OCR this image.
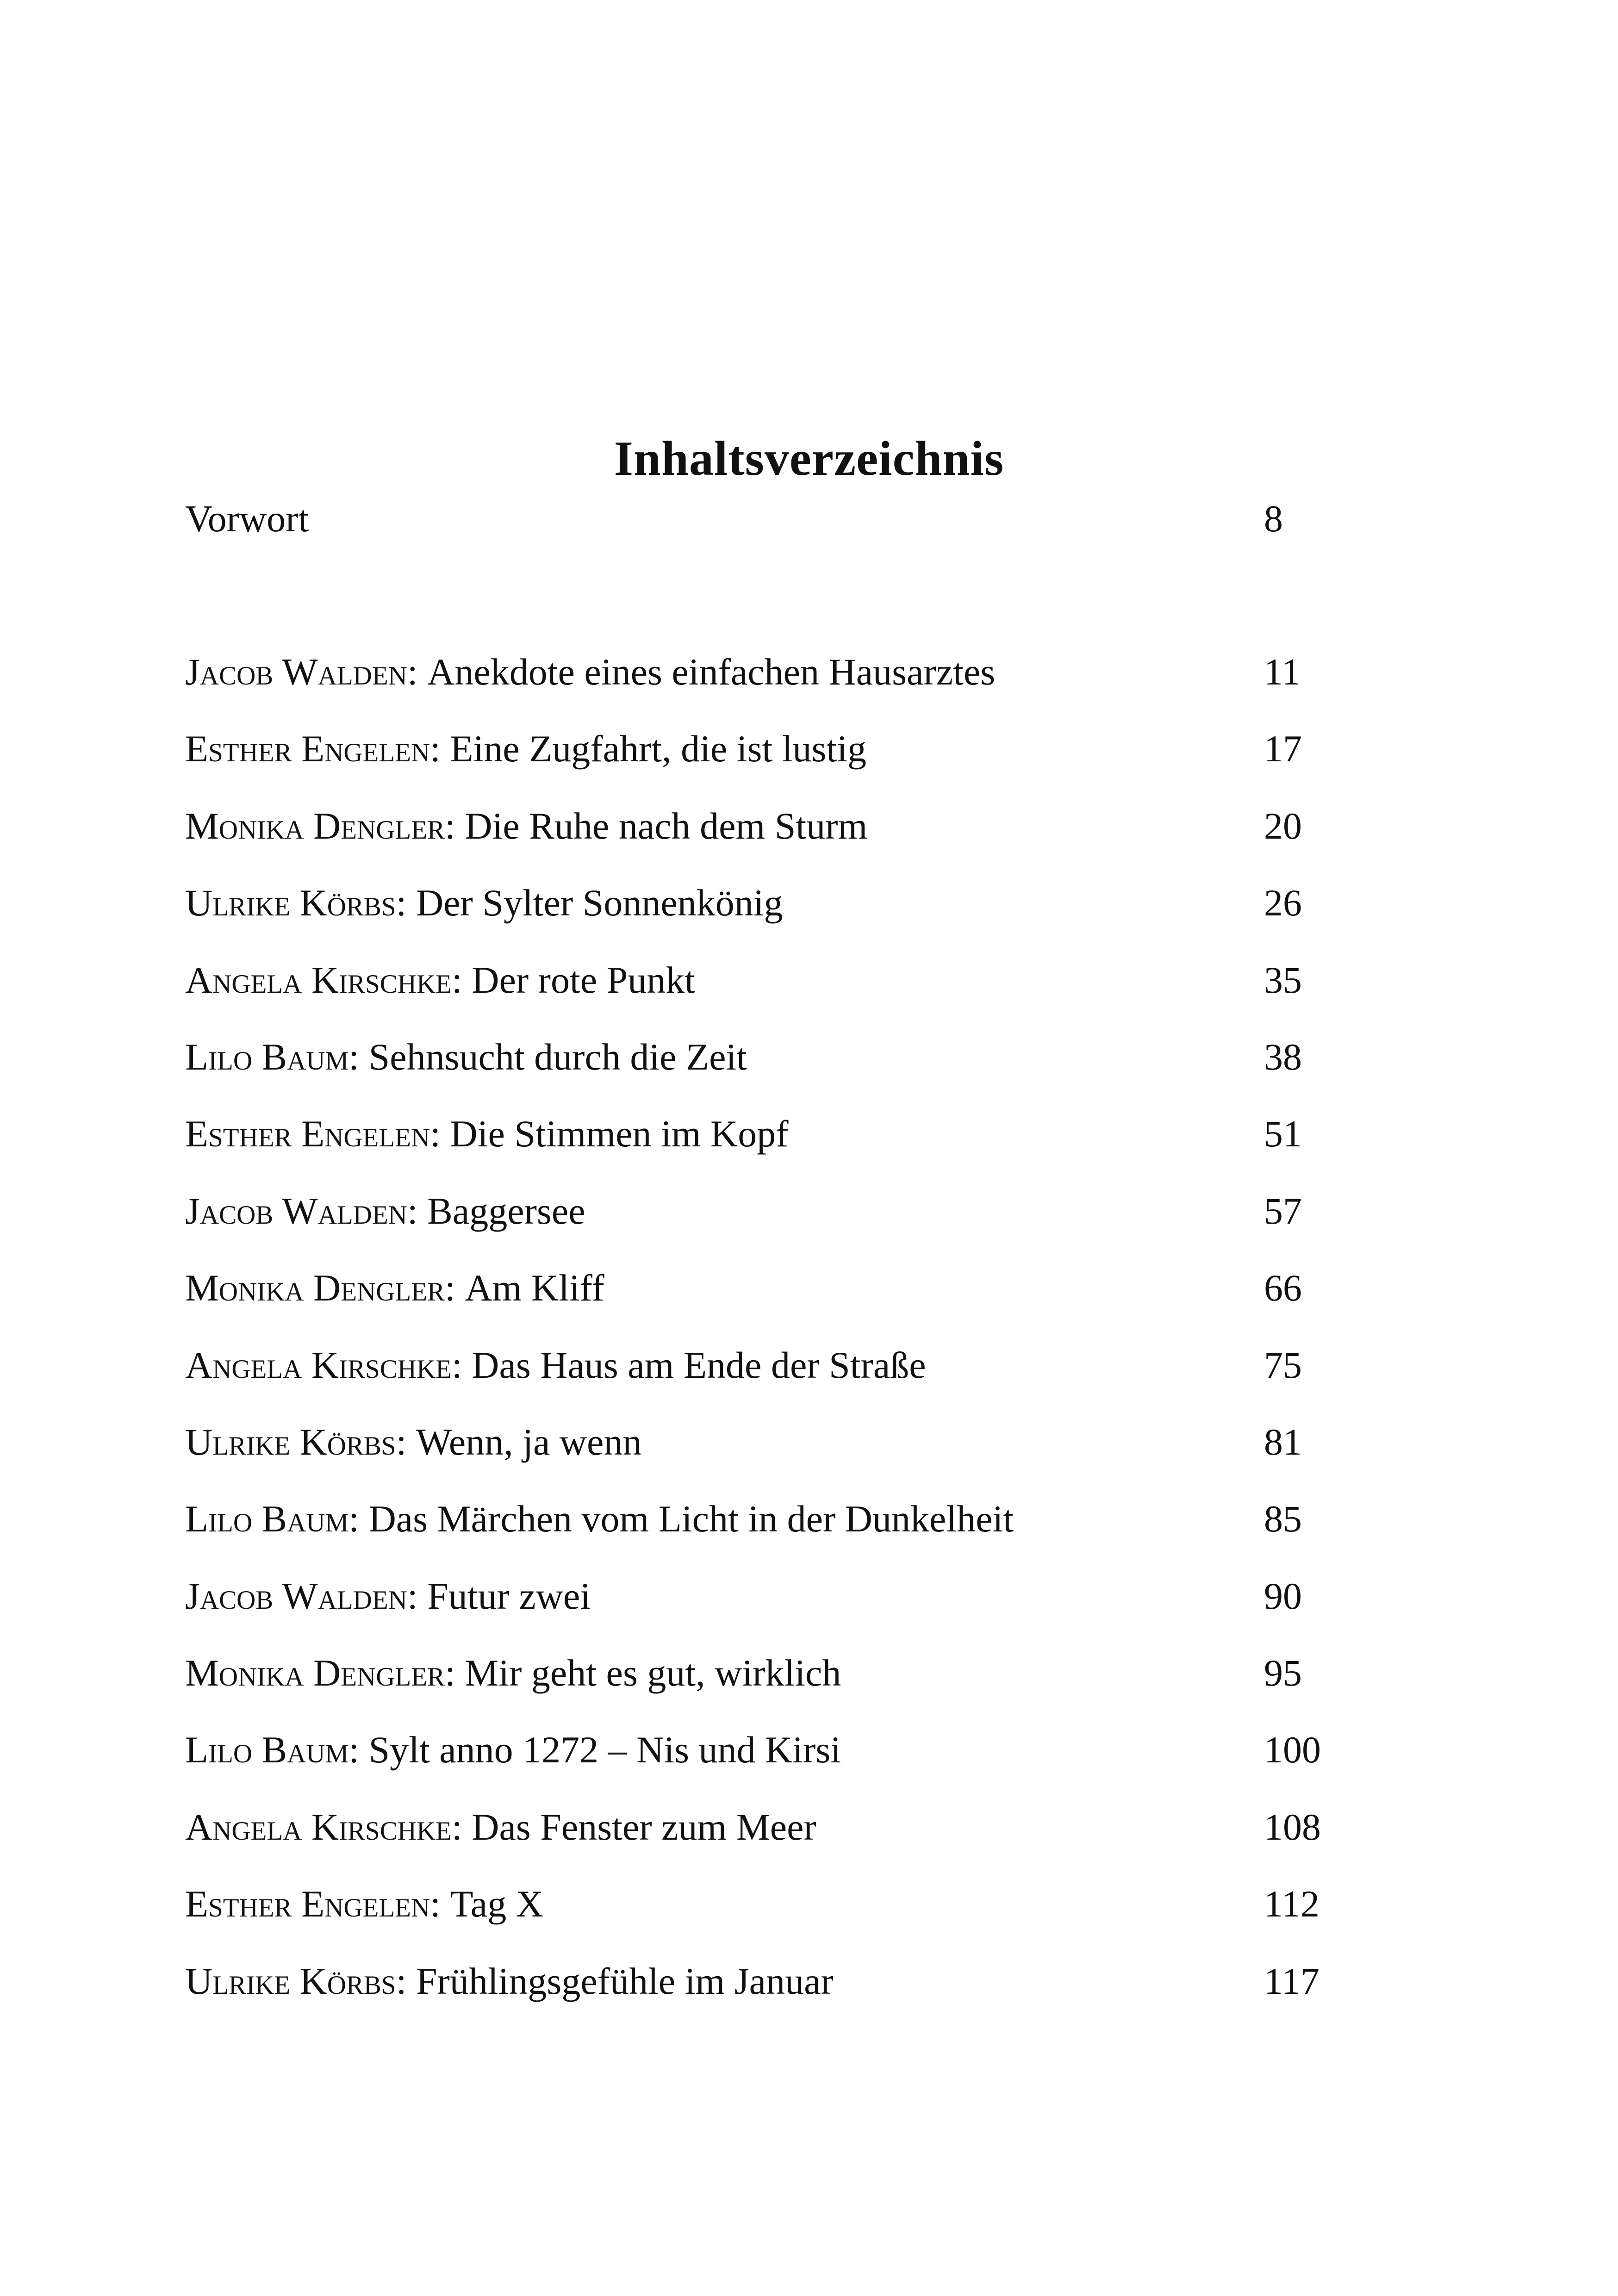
Inhaltsverzeichnis
Vorwort	8
Jacob Walden: Anekdote eines einfachen Hausarztes	11
Esther Engelen: Eine Zugfahrt, die ist lustig	17
Monika Dengler: Die Ruhe nach dem Sturm	20
Ulrike Körbs: Der Sylter Sonnenkönig	26
Angela Kirschke: Der rote Punkt	35
Lilo Baum: Sehnsucht durch die Zeit	38
Esther Engelen: Die Stimmen im Kopf	51
Jacob Walden: Baggersee	57
Monika Dengler: Am Kliff	66
Angela Kirschke: Das Haus am Ende der Straße	75
Ulrike Körbs: Wenn, ja wenn	81
Lilo Baum: Das Märchen vom Licht in der Dunkelheit	85
Jacob Walden: Futur zwei	90
Monika Dengler: Mir geht es gut, wirklich	95
Lilo Baum: Sylt anno 1272 – Nis und Kirsi	100
Angela Kirschke: Das Fenster zum Meer	108
Esther Engelen: Tag X	112
Ulrike Körbs: Frühlingsgefühle im Januar	117
